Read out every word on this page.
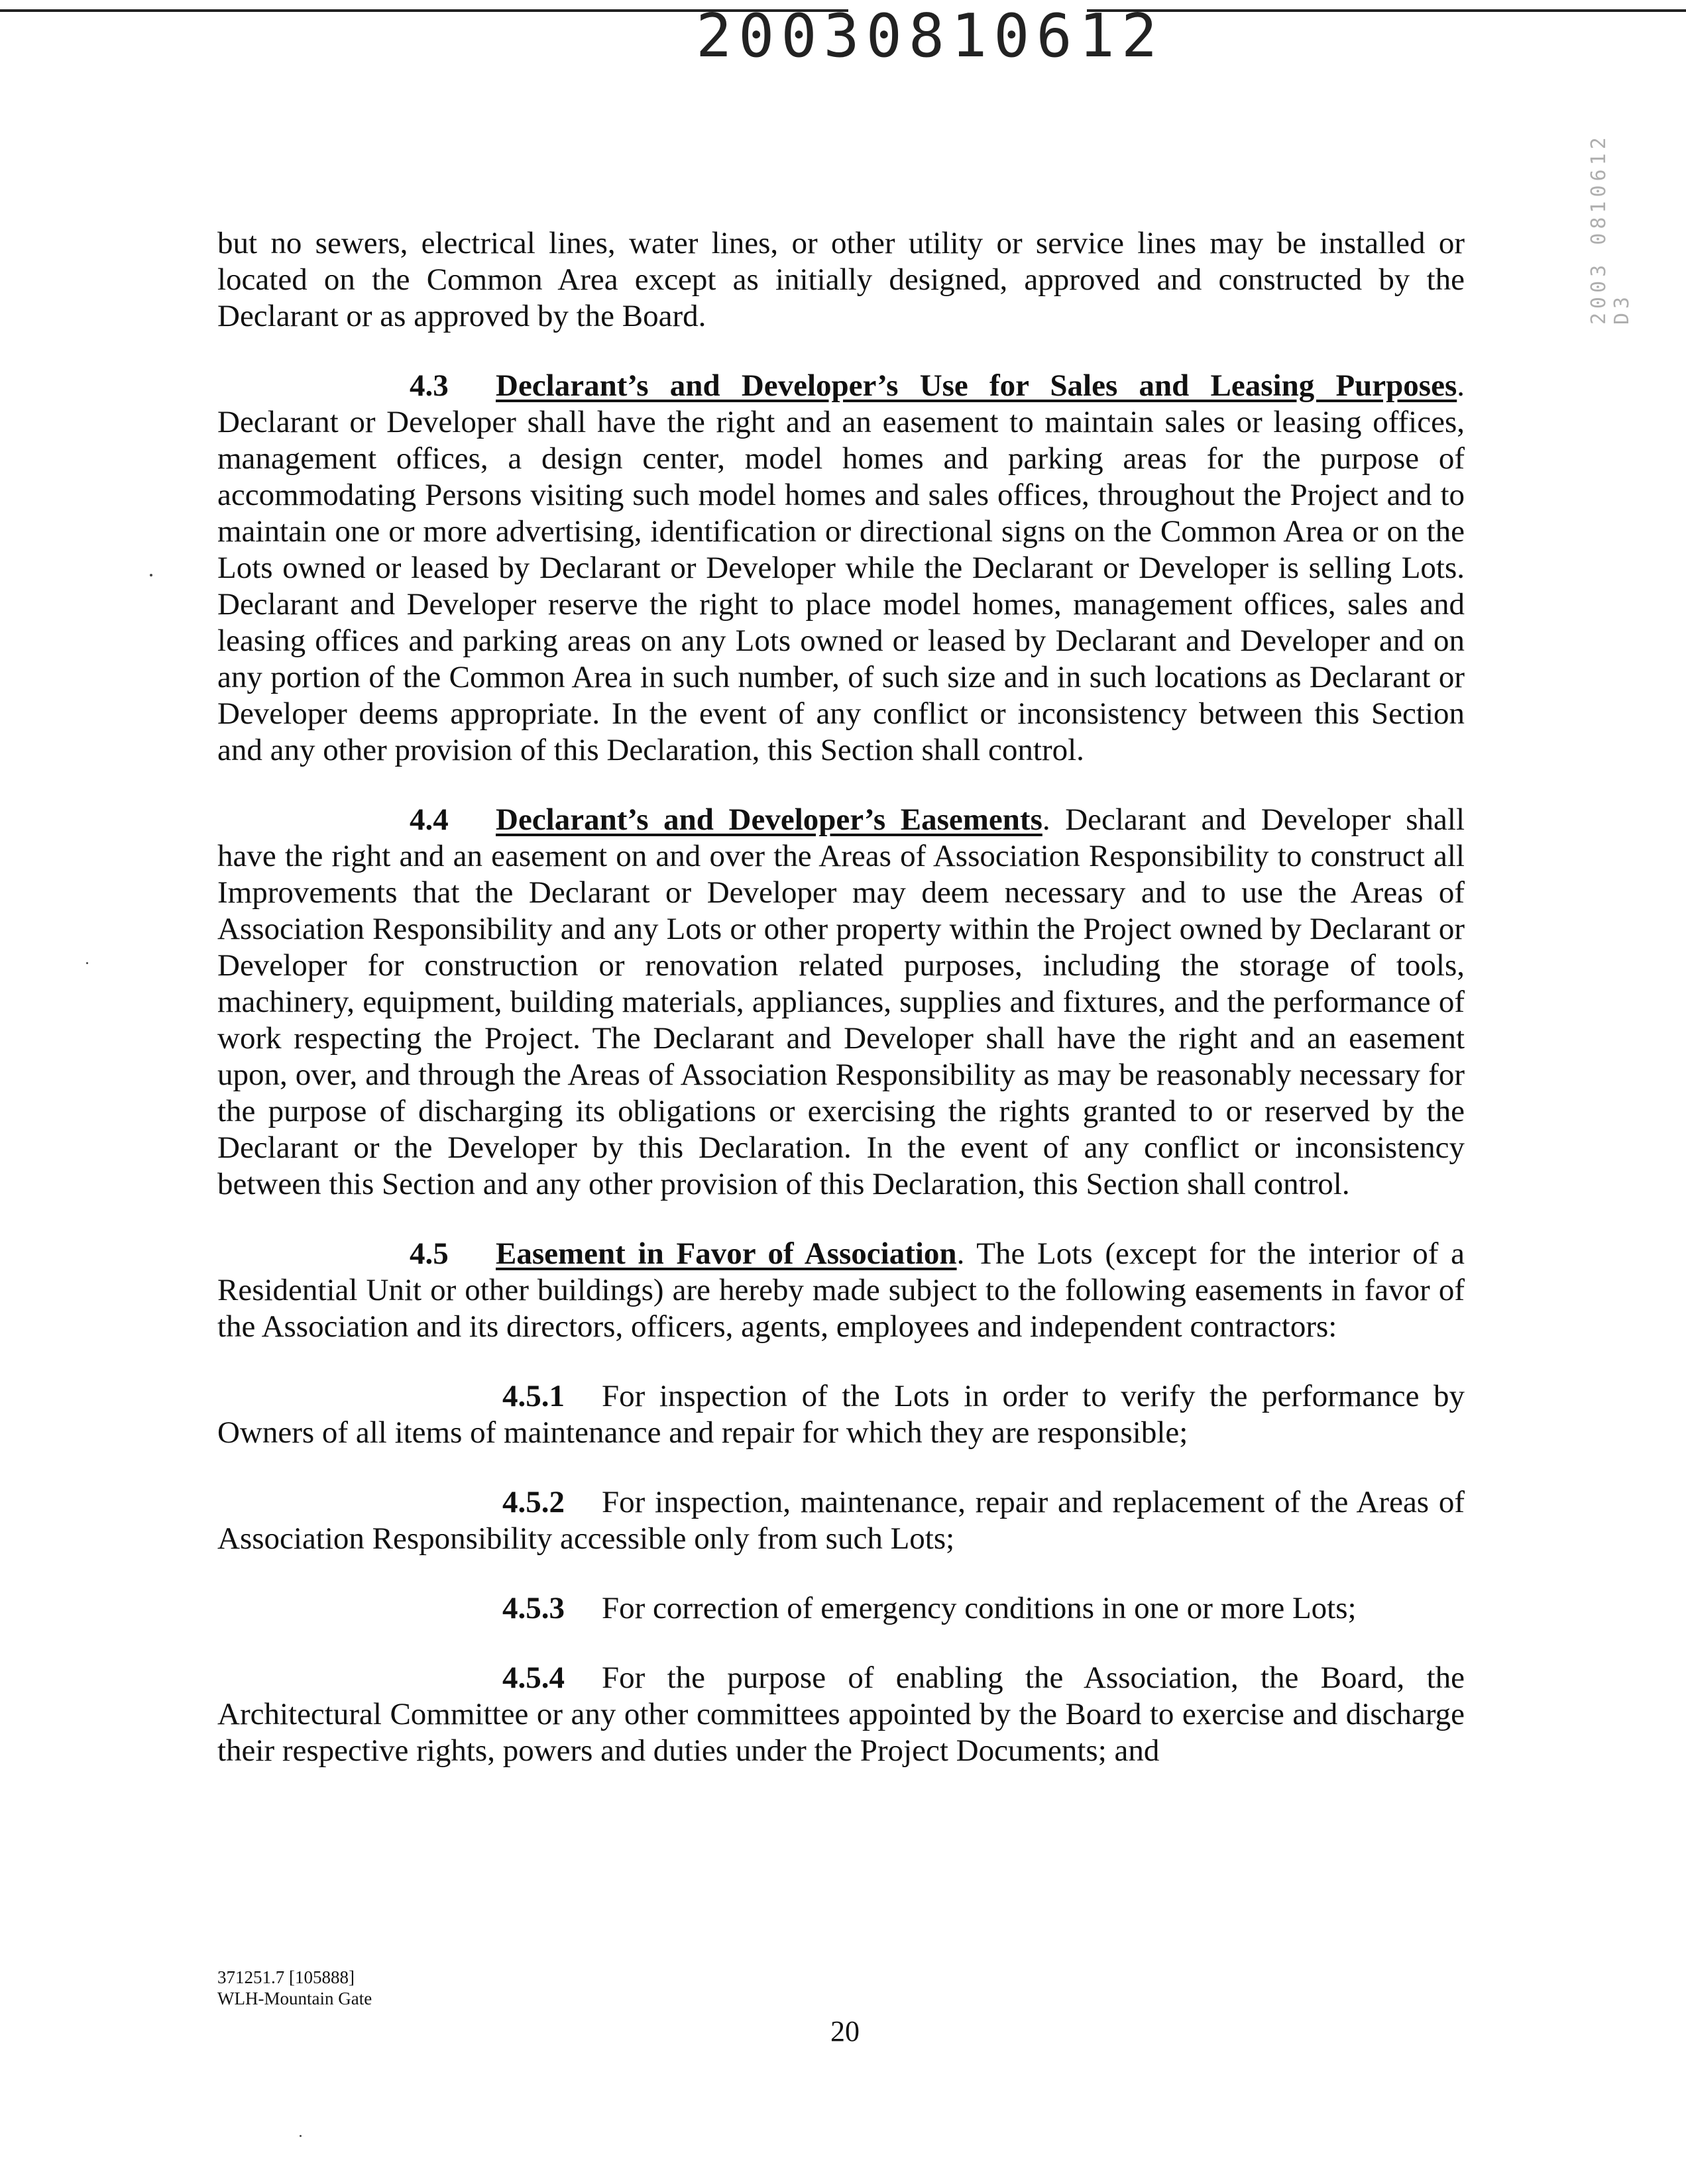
20030810612
2003 0810612 D3

but no sewers, electrical lines, water lines, or other utility or service lines may be installed or located on the Common Area except as initially designed, approved and constructed by the Declarant or as approved by the Board.

4.3 Declarant’s and Developer’s Use for Sales and Leasing Purposes. Declarant or Developer shall have the right and an easement to maintain sales or leasing offices, management offices, a design center, model homes and parking areas for the purpose of accommodating Persons visiting such model homes and sales offices, throughout the Project and to maintain one or more advertising, identification or directional signs on the Common Area or on the Lots owned or leased by Declarant or Developer while the Declarant or Developer is selling Lots. Declarant and Developer reserve the right to place model homes, management offices, sales and leasing offices and parking areas on any Lots owned or leased by Declarant and Developer and on any portion of the Common Area in such number, of such size and in such locations as Declarant or Developer deems appropriate. In the event of any conflict or inconsistency between this Section and any other provision of this Declaration, this Section shall control.

4.4 Declarant’s and Developer’s Easements. Declarant and Developer shall have the right and an easement on and over the Areas of Association Responsibility to construct all Improvements that the Declarant or Developer may deem necessary and to use the Areas of Association Responsibility and any Lots or other property within the Project owned by Declarant or Developer for construction or renovation related purposes, including the storage of tools, machinery, equipment, building materials, appliances, supplies and fixtures, and the performance of work respecting the Project. The Declarant and Developer shall have the right and an easement upon, over, and through the Areas of Association Responsibility as may be reasonably necessary for the purpose of discharging its obligations or exercising the rights granted to or reserved by the Declarant or the Developer by this Declaration. In the event of any conflict or inconsistency between this Section and any other provision of this Declaration, this Section shall control.

4.5 Easement in Favor of Association. The Lots (except for the interior of a Residential Unit or other buildings) are hereby made subject to the following easements in favor of the Association and its directors, officers, agents, employees and independent contractors:

4.5.1 For inspection of the Lots in order to verify the performance by Owners of all items of maintenance and repair for which they are responsible;

4.5.2 For inspection, maintenance, repair and replacement of the Areas of Association Responsibility accessible only from such Lots;

4.5.3 For correction of emergency conditions in one or more Lots;

4.5.4 For the purpose of enabling the Association, the Board, the Architectural Committee or any other committees appointed by the Board to exercise and discharge their respective rights, powers and duties under the Project Documents; and

371251.7 [105888]
WLH-Mountain Gate
20
